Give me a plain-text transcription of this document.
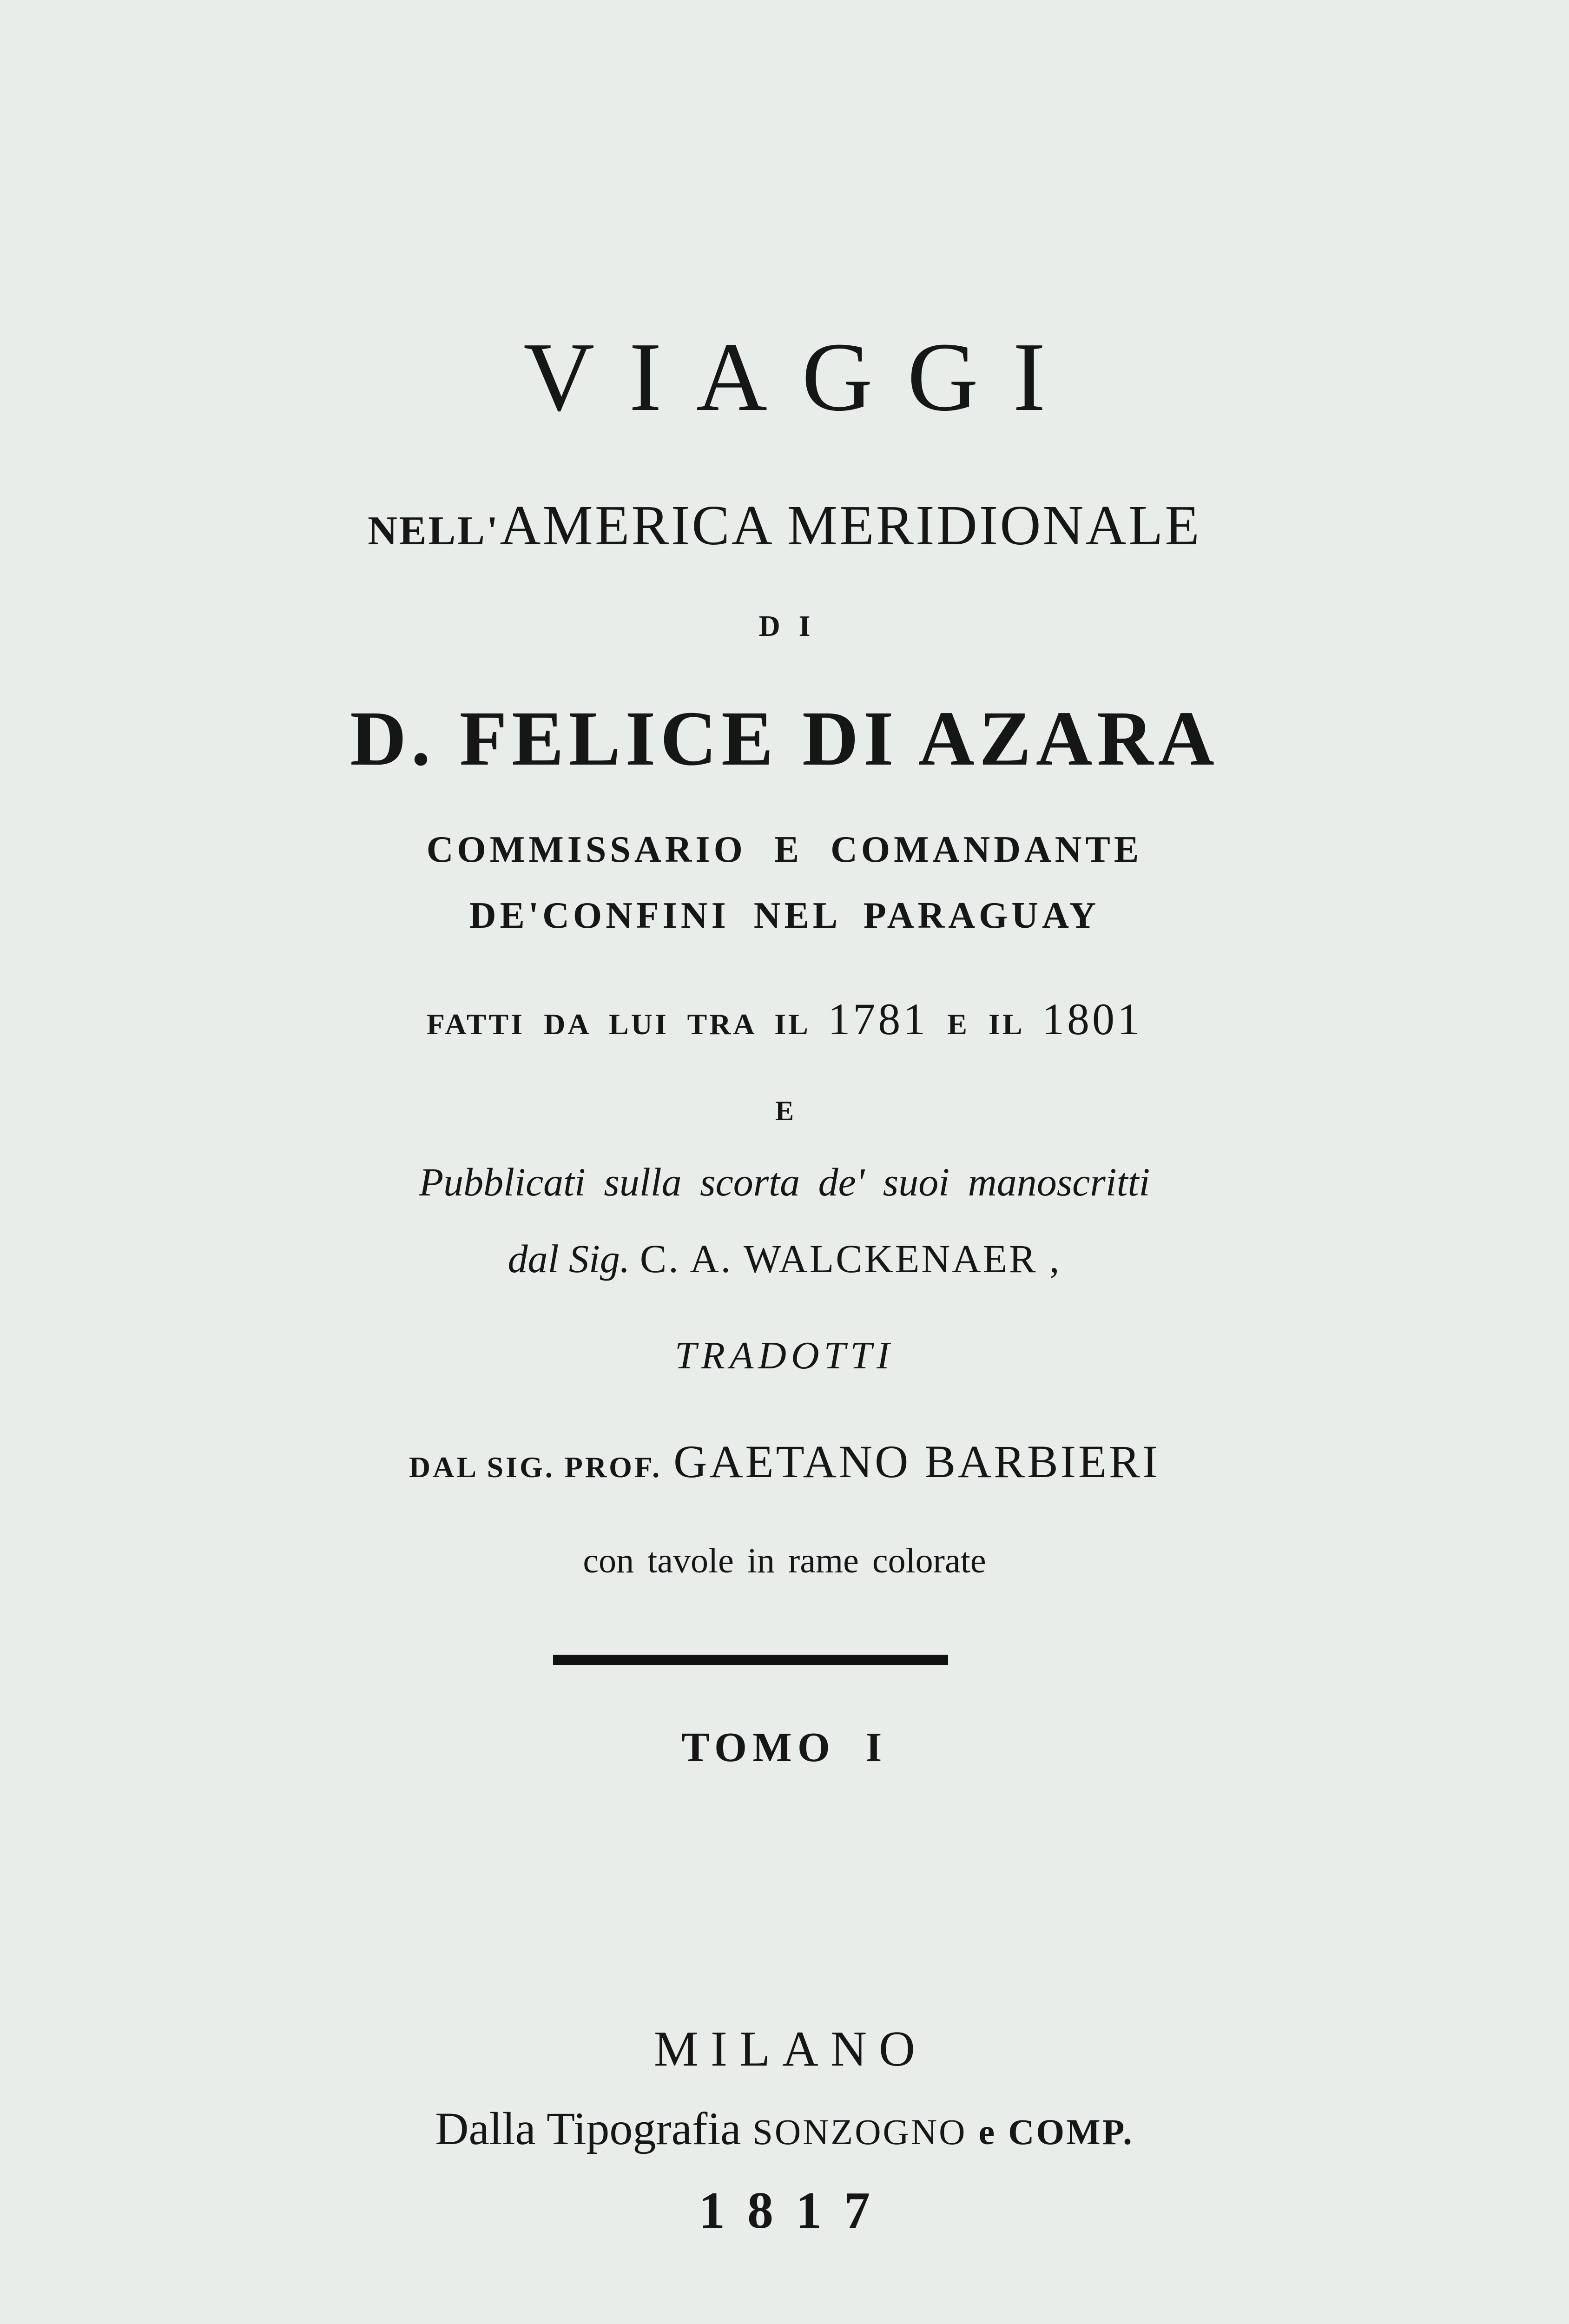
VIAGGI
NELL'AMERICA MERIDIONALE
DI
D. FELICE DI AZARA
COMMISSARIO E COMANDANTE
DE'CONFINI NEL PARAGUAY
FATTI DA LUI TRA IL 1781 E IL 1801
E
Pubblicati sulla scorta de' suoi manoscritti
dal Sig. C. A. WALCKENAER ,
TRADOTTI
DAL SIG. PROF. GAETANO BARBIERI
con tavole in rame colorate
TOMO I
MILANO
Dalla Tipografia SONZOGNO e COMP.
1817
